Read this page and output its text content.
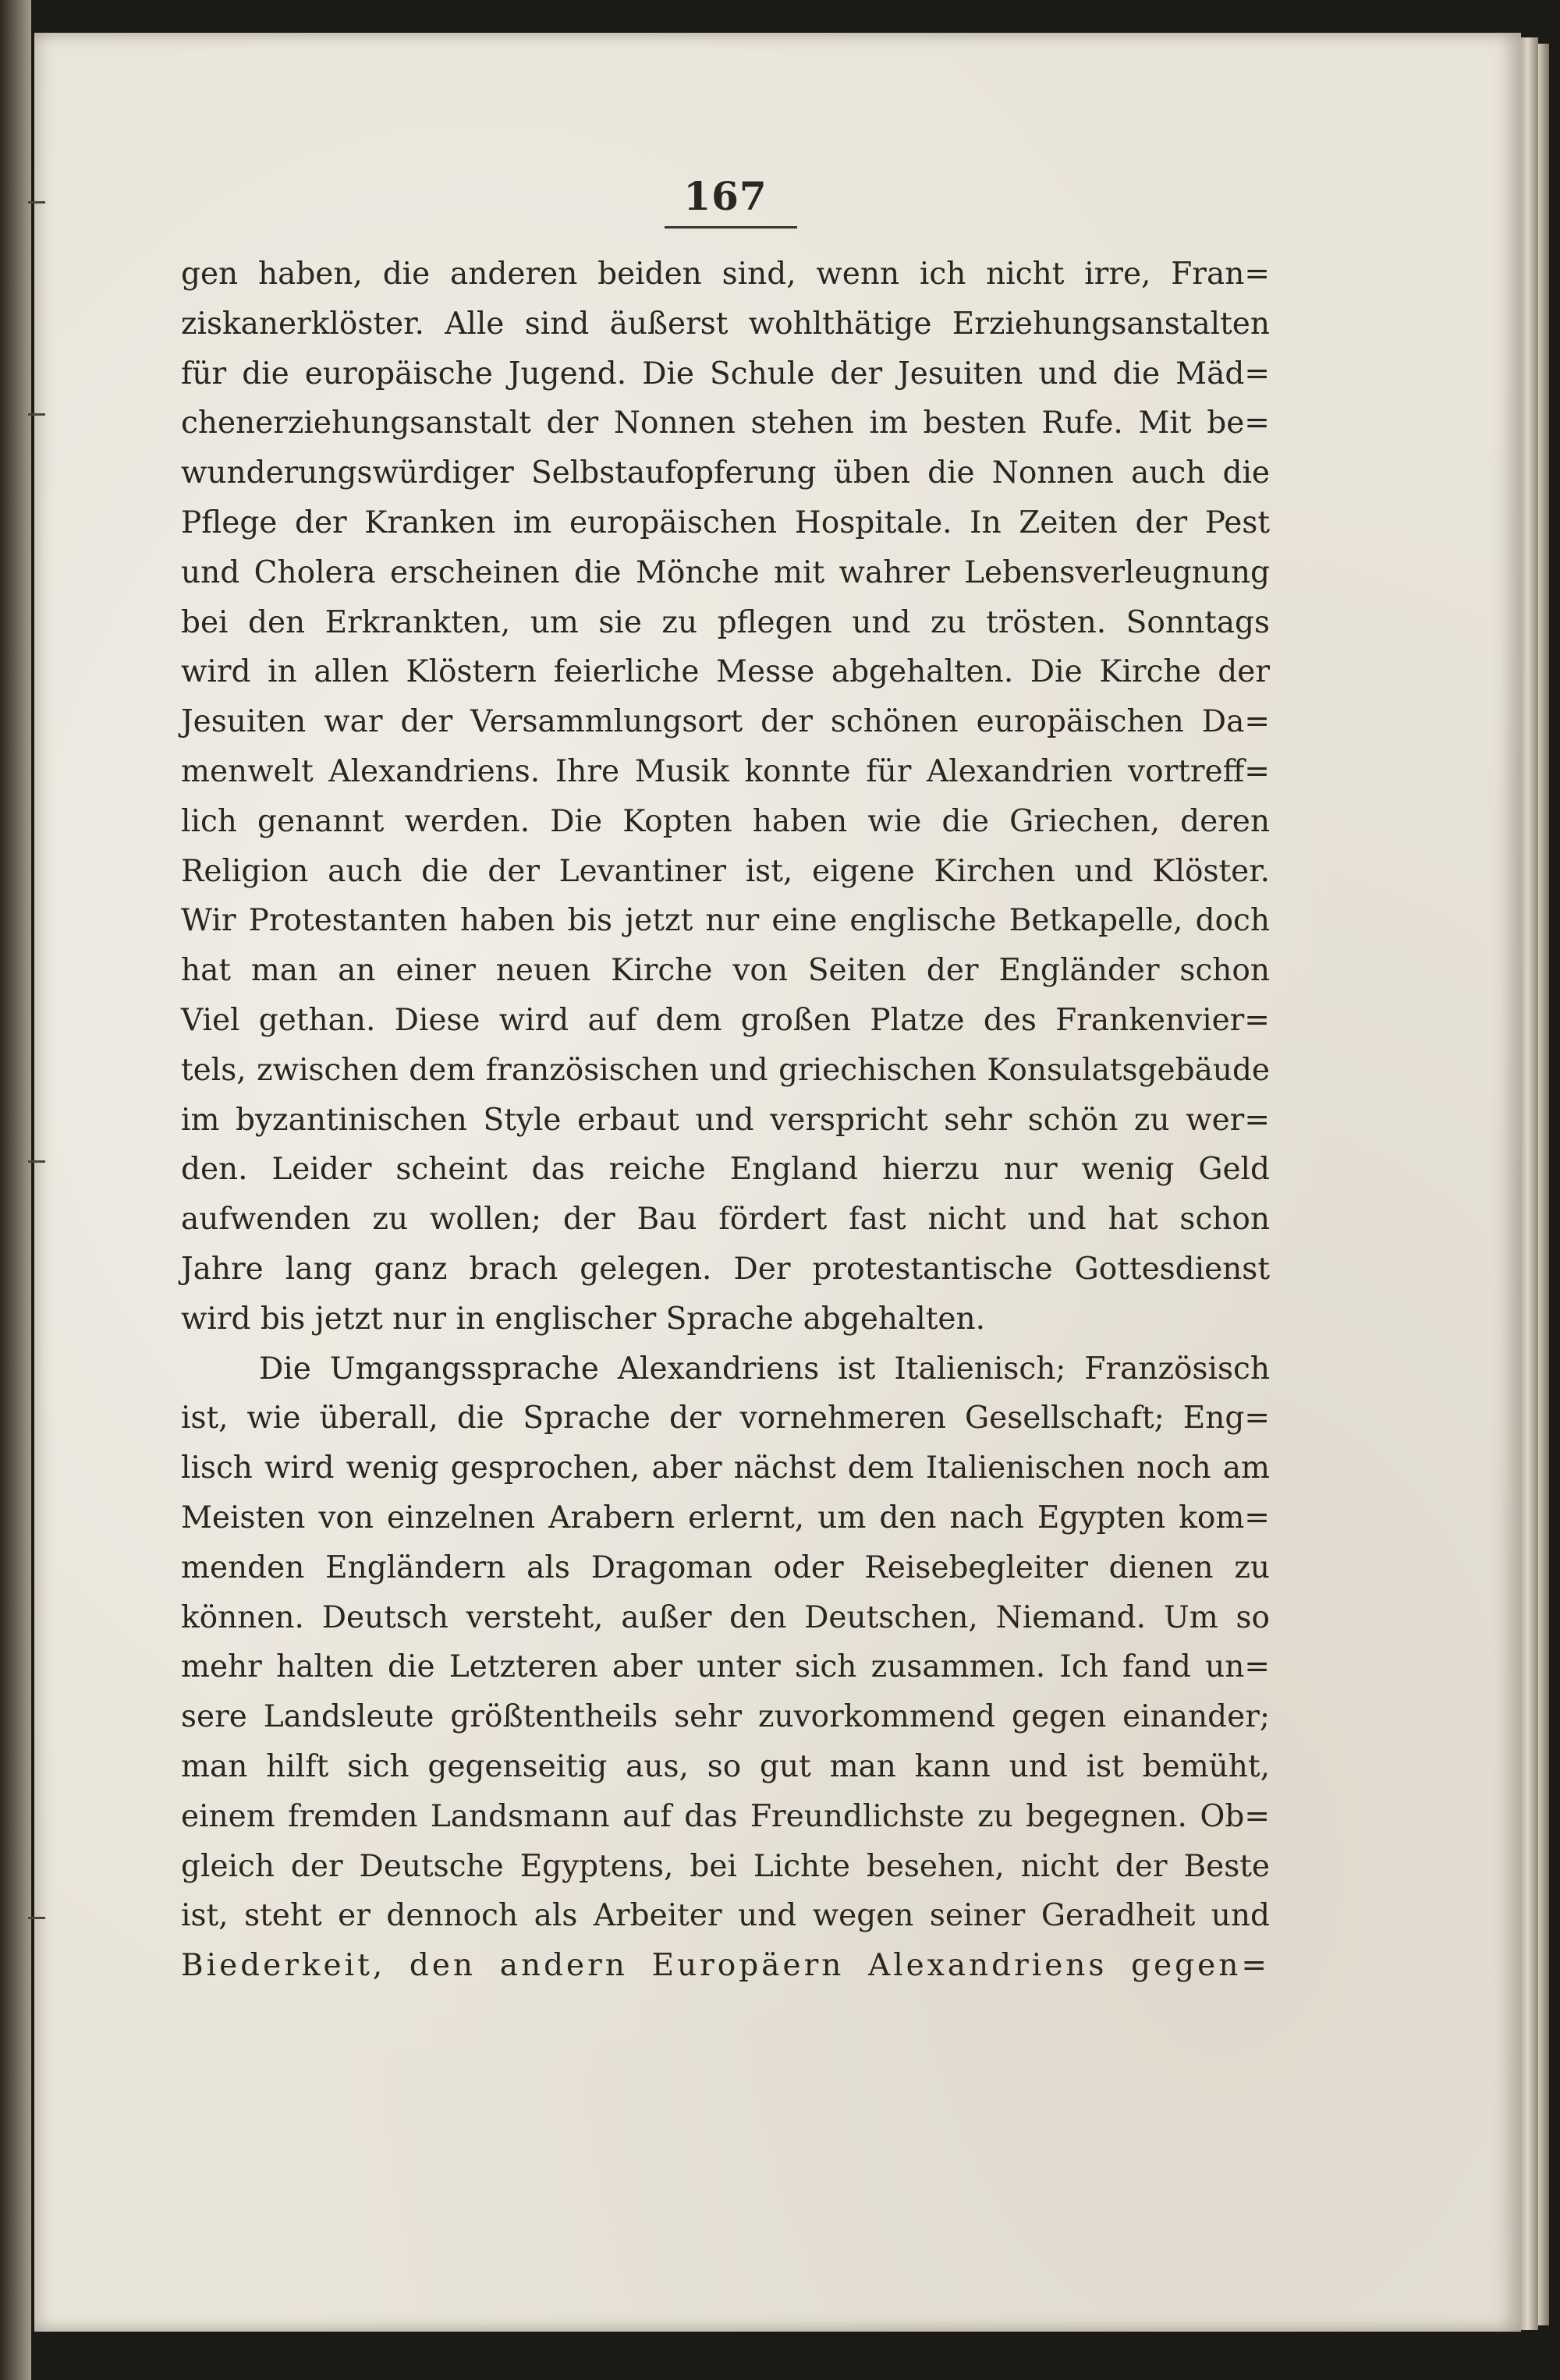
167
gen haben, die anderen beiden sind, wenn ich nicht irre, Fran=
ziskanerklöster. Alle sind äußerst wohlthätige Erziehungsanstalten
für die europäische Jugend. Die Schule der Jesuiten und die Mäd=
chenerziehungsanstalt der Nonnen stehen im besten Rufe. Mit be=
wunderungswürdiger Selbstaufopferung üben die Nonnen auch die
Pflege der Kranken im europäischen Hospitale. In Zeiten der Pest
und Cholera erscheinen die Mönche mit wahrer Lebensverleugnung
bei den Erkrankten, um sie zu pflegen und zu trösten. Sonntags
wird in allen Klöstern feierliche Messe abgehalten. Die Kirche der
Jesuiten war der Versammlungsort der schönen europäischen Da=
menwelt Alexandriens. Ihre Musik konnte für Alexandrien vortreff=
lich genannt werden. Die Kopten haben wie die Griechen, deren
Religion auch die der Levantiner ist, eigene Kirchen und Klöster.
Wir Protestanten haben bis jetzt nur eine englische Betkapelle, doch
hat man an einer neuen Kirche von Seiten der Engländer schon
Viel gethan. Diese wird auf dem großen Platze des Frankenvier=
tels, zwischen dem französischen und griechischen Konsulatsgebäude
im byzantinischen Style erbaut und verspricht sehr schön zu wer=
den. Leider scheint das reiche England hierzu nur wenig Geld
aufwenden zu wollen; der Bau fördert fast nicht und hat schon
Jahre lang ganz brach gelegen. Der protestantische Gottesdienst
wird bis jetzt nur in englischer Sprache abgehalten.
Die Umgangssprache Alexandriens ist Italienisch; Französisch
ist, wie überall, die Sprache der vornehmeren Gesellschaft; Eng=
lisch wird wenig gesprochen, aber nächst dem Italienischen noch am
Meisten von einzelnen Arabern erlernt, um den nach Egypten kom=
menden Engländern als Dragoman oder Reisebegleiter dienen zu
können. Deutsch versteht, außer den Deutschen, Niemand. Um so
mehr halten die Letzteren aber unter sich zusammen. Ich fand un=
sere Landsleute größtentheils sehr zuvorkommend gegen einander;
man hilft sich gegenseitig aus, so gut man kann und ist bemüht,
einem fremden Landsmann auf das Freundlichste zu begegnen. Ob=
gleich der Deutsche Egyptens, bei Lichte besehen, nicht der Beste
ist, steht er dennoch als Arbeiter und wegen seiner Geradheit und
Biederkeit, den andern Europäern Alexandriens gegen=
